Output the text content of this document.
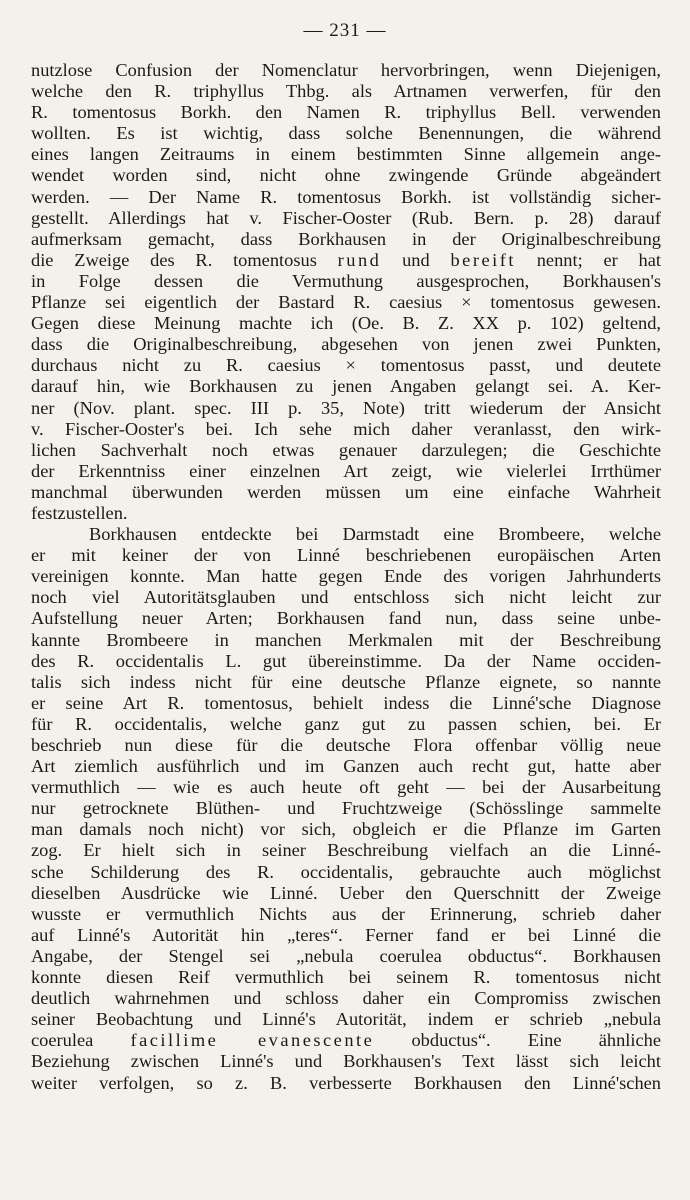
— 231 —
nutzlose Confusion der Nomenclatur hervorbringen, wenn Diejenigen,
welche den R. triphyllus Thbg. als Artnamen verwerfen, für den
R. tomentosus Borkh. den Namen R. triphyllus Bell. verwenden
wollten. Es ist wichtig, dass solche Benennungen, die während
eines langen Zeitraums in einem bestimmten Sinne allgemein ange-
wendet worden sind, nicht ohne zwingende Gründe abgeändert
werden. — Der Name R. tomentosus Borkh. ist vollständig sicher-
gestellt. Allerdings hat v. Fischer-Ooster (Rub. Bern. p. 28) darauf
aufmerksam gemacht, dass Borkhausen in der Originalbeschreibung
die Zweige des R. tomentosus rund und bereift nennt; er hat
in Folge dessen die Vermuthung ausgesprochen, Borkhausen's
Pflanze sei eigentlich der Bastard R. caesius × tomentosus gewesen.
Gegen diese Meinung machte ich (Oe. B. Z. XX p. 102) geltend,
dass die Originalbeschreibung, abgesehen von jenen zwei Punkten,
durchaus nicht zu R. caesius × tomentosus passt, und deutete
darauf hin, wie Borkhausen zu jenen Angaben gelangt sei. A. Ker-
ner (Nov. plant. spec. III p. 35, Note) tritt wiederum der Ansicht
v. Fischer-Ooster's bei. Ich sehe mich daher veranlasst, den wirk-
lichen Sachverhalt noch etwas genauer darzulegen; die Geschichte
der Erkenntniss einer einzelnen Art zeigt, wie vielerlei Irrthümer
manchmal überwunden werden müssen um eine einfache Wahrheit
festzustellen.
Borkhausen entdeckte bei Darmstadt eine Brombeere, welche
er mit keiner der von Linné beschriebenen europäischen Arten
vereinigen konnte. Man hatte gegen Ende des vorigen Jahrhunderts
noch viel Autoritätsglauben und entschloss sich nicht leicht zur
Aufstellung neuer Arten; Borkhausen fand nun, dass seine unbe-
kannte Brombeere in manchen Merkmalen mit der Beschreibung
des R. occidentalis L. gut übereinstimme. Da der Name occiden-
talis sich indess nicht für eine deutsche Pflanze eignete, so nannte
er seine Art R. tomentosus, behielt indess die Linné'sche Diagnose
für R. occidentalis, welche ganz gut zu passen schien, bei. Er
beschrieb nun diese für die deutsche Flora offenbar völlig neue
Art ziemlich ausführlich und im Ganzen auch recht gut, hatte aber
vermuthlich — wie es auch heute oft geht — bei der Ausarbeitung
nur getrocknete Blüthen- und Fruchtzweige (Schösslinge sammelte
man damals noch nicht) vor sich, obgleich er die Pflanze im Garten
zog. Er hielt sich in seiner Beschreibung vielfach an die Linné-
sche Schilderung des R. occidentalis, gebrauchte auch möglichst
dieselben Ausdrücke wie Linné. Ueber den Querschnitt der Zweige
wusste er vermuthlich Nichts aus der Erinnerung, schrieb daher
auf Linné's Autorität hin „teres“. Ferner fand er bei Linné die
Angabe, der Stengel sei „nebula coerulea obductus“. Borkhausen
konnte diesen Reif vermuthlich bei seinem R. tomentosus nicht
deutlich wahrnehmen und schloss daher ein Compromiss zwischen
seiner Beobachtung und Linné's Autorität, indem er schrieb „nebula
coerulea facillime evanescente obductus“. Eine ähnliche
Beziehung zwischen Linné's und Borkhausen's Text lässt sich leicht
weiter verfolgen, so z. B. verbesserte Borkhausen den Linné'schen
